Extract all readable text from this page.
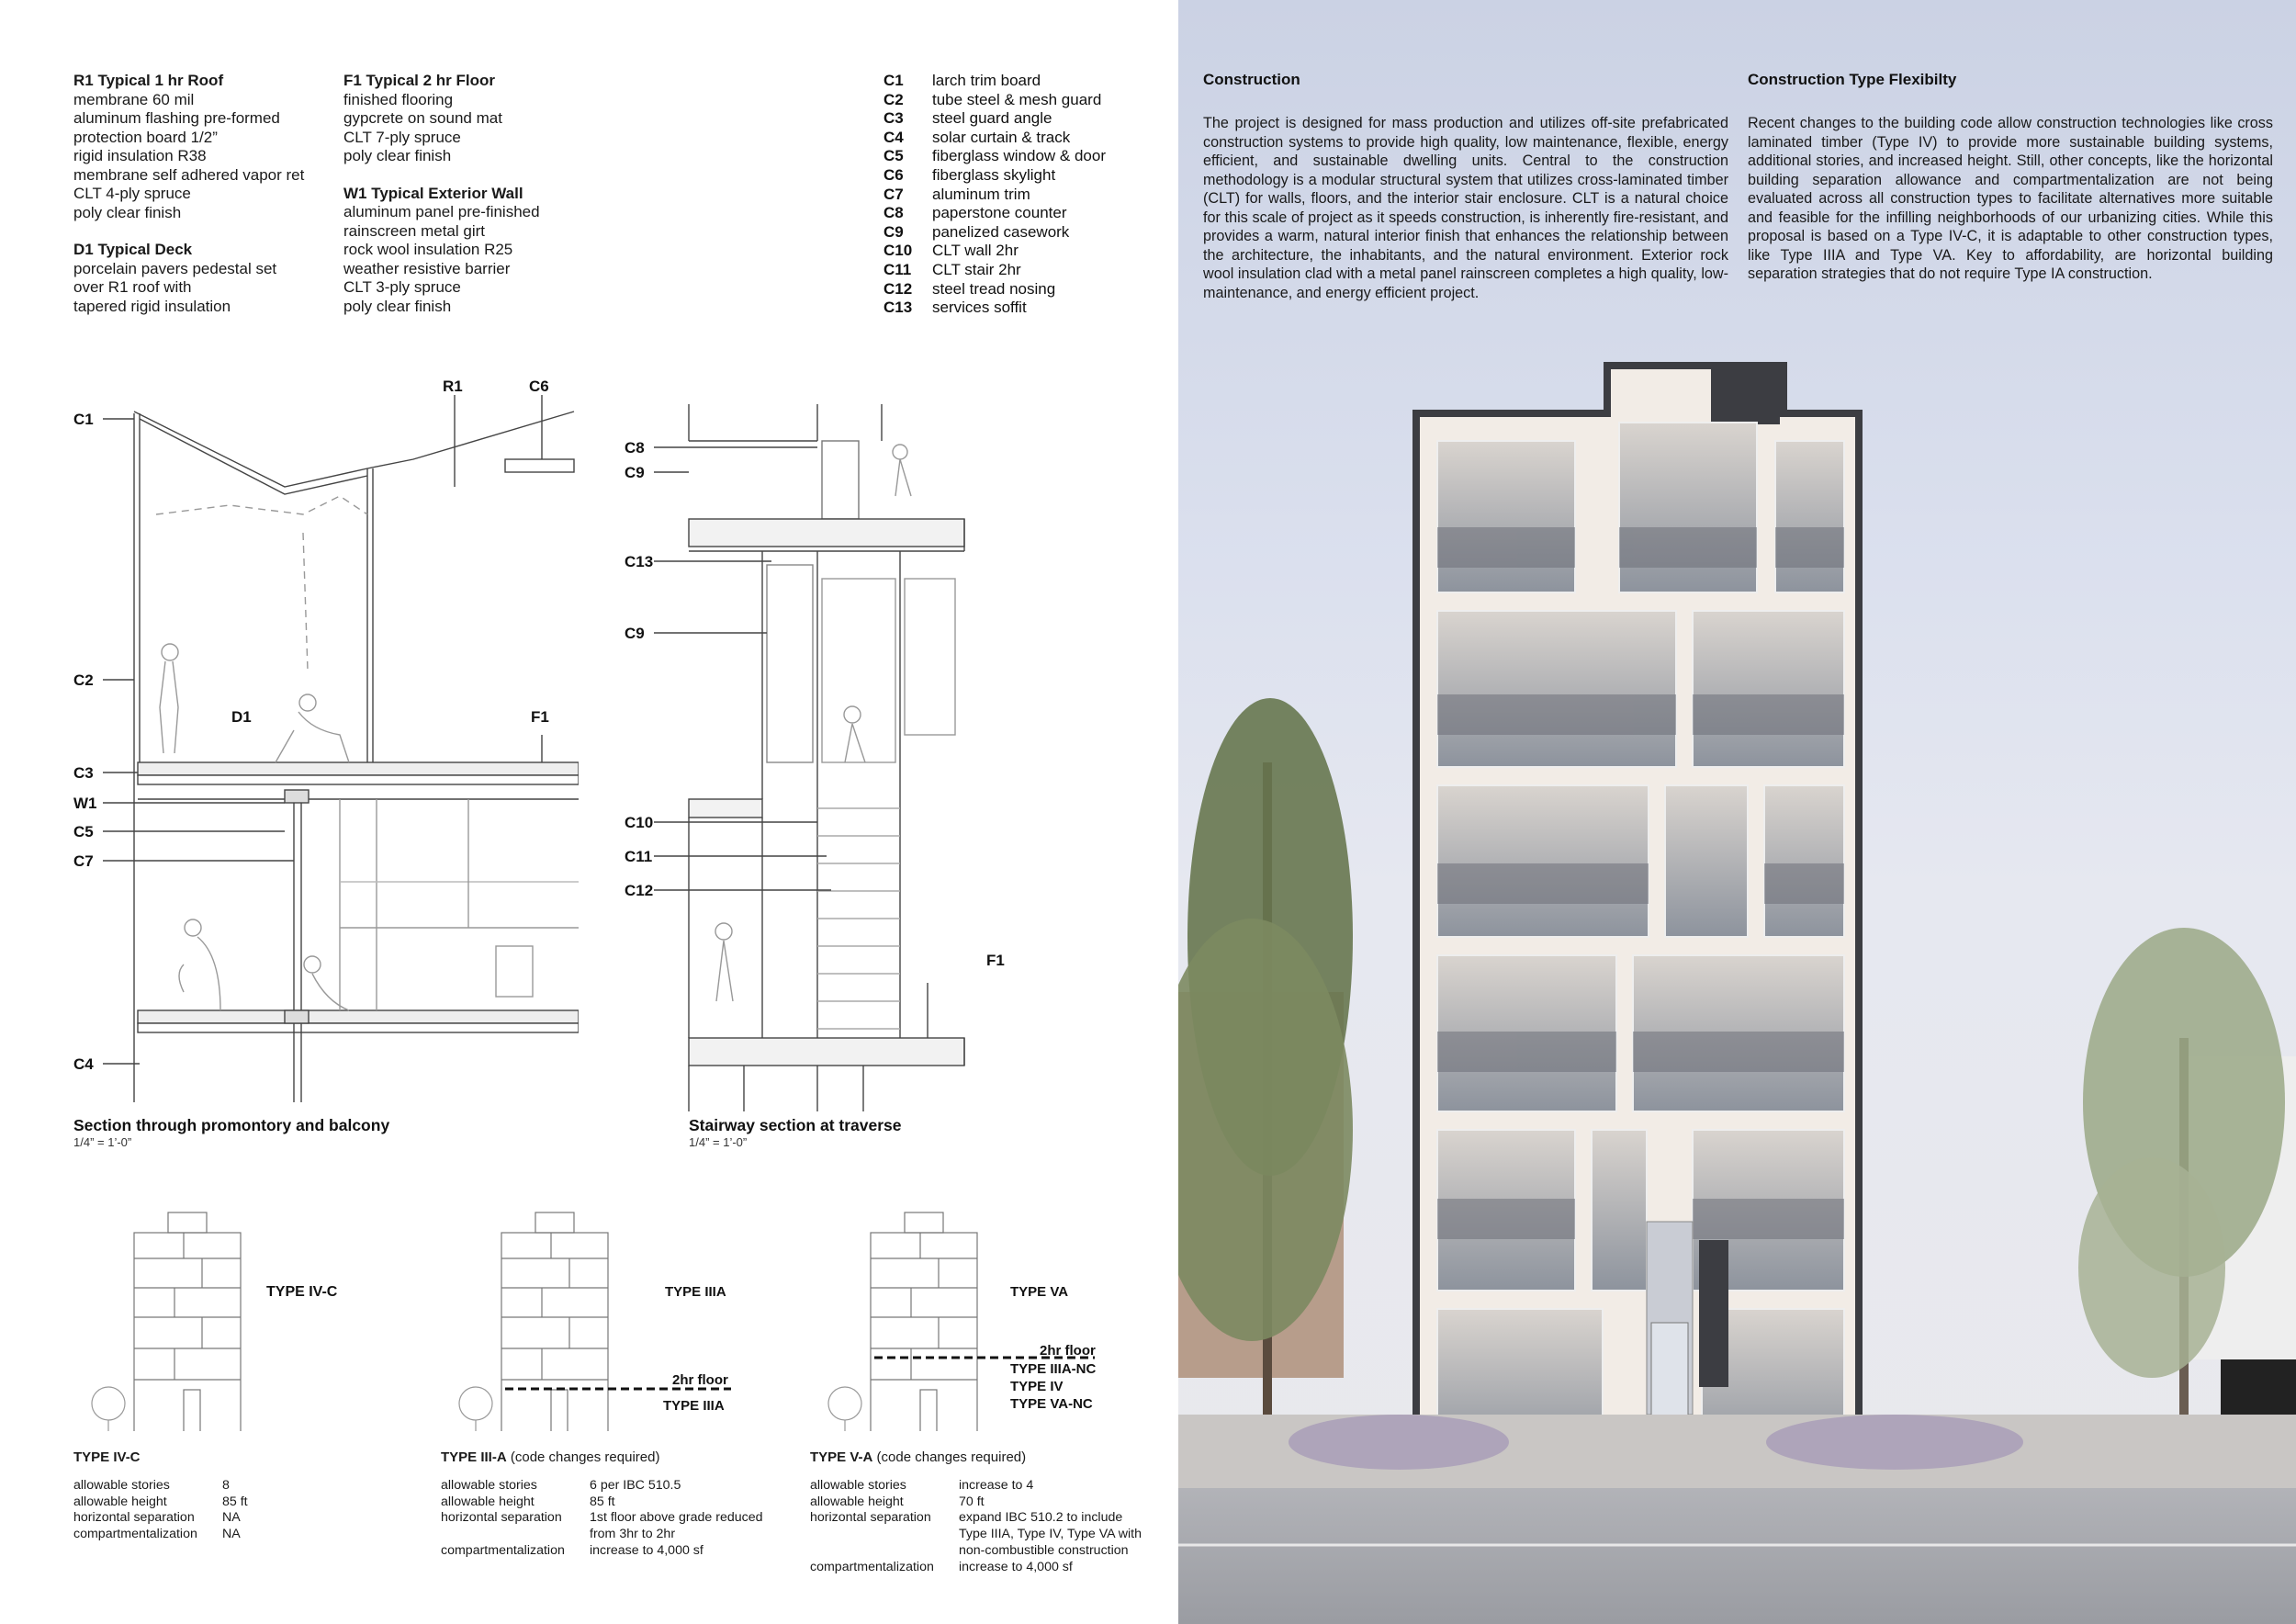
R1 Typical 1 hr Roof
membrane 60 mil
aluminum flashing pre-formed
protection board 1/2”
rigid insulation R38
membrane self adhered vapor ret
CLT 4-ply spruce
poly clear finish
D1 Typical Deck
porcelain pavers pedestal set
over R1 roof with
tapered rigid insulation
F1 Typical 2 hr Floor
finished flooring
gypcrete on sound mat
CLT 7-ply spruce
poly clear finish
W1 Typical Exterior Wall
aluminum panel pre-finished
rainscreen metal girt
rock wool insulation R25
weather resistive barrier
CLT 3-ply spruce
poly clear finish
C1	larch trim board
C2	tube steel & mesh guard
C3	steel guard angle
C4	solar curtain & track
C5	fiberglass window & door
C6	fiberglass skylight
C7	aluminum trim
C8	paperstone counter
C9	panelized casework
C10	CLT wall 2hr
C11	CLT stair 2hr
C12	steel tread nosing
C13	services soffit
R1	C6
C1
C2
D1	F1
C3
W1
C5
C7
C4
Section through promontory and balcony
1/4” = 1’-0”
C8
C9
C13
C9
C10
C11
C12
F1
Stairway section at traverse
1/4” = 1’-0”
TYPE IV-C	TYPE IIIA
2hr floor
TYPE IIIA
TYPE VA
2hr floor
TYPE IIIA-NC
TYPE IV
TYPE VA-NC
TYPE IV-C
allowable stories	8
allowable height	85 ft
horizontal separation	NA
compartmentalization	NA
TYPE III-A (code changes required)
allowable stories	6 per IBC 510.5
allowable height	85 ft
horizontal separation	1st floor above grade reduced
from 3hr to 2hr
compartmentalization	increase to 4,000 sf
TYPE V-A (code changes required)
allowable stories	increase to 4
allowable height	70 ft
horizontal separation	expand IBC 510.2 to include
Type IIIA, Type IV, Type VA with
non-combustible construction
compartmentalization	increase to 4,000 sf
Construction
The project is designed for mass production and utilizes off-site prefabricated construction systems to provide high quality, low maintenance, flexible, energy efficient, and sustainable dwelling units. Central to the construction methodology is a modular structural system that utilizes cross-laminated timber (CLT) for walls, floors, and the interior stair enclosure. CLT is a natural choice for this scale of project as it speeds construction, is inherently fire-resistant, and provides a warm, natural interior finish that enhances the relationship between the architecture, the inhabitants, and the natural environment. Exterior rock wool insulation clad with a metal panel rainscreen completes a high quality, low-maintenance, and energy efficient project.
Construction Type Flexibilty
Recent changes to the building code allow construction technologies like cross laminated timber (Type IV) to provide more sustainable building systems, additional stories, and increased height. Still, other concepts, like the horizontal building separation allowance and compartmentalization are not being evaluated across all construction types to facilitate alternatives more suitable and feasible for the infilling neighborhoods of our urbanizing cities. While this proposal is based on a Type IV-C, it is adaptable to other construction types, like Type IIIA and Type VA. Key to affordability, are horizontal building separation strategies that do not require Type IA construction.
